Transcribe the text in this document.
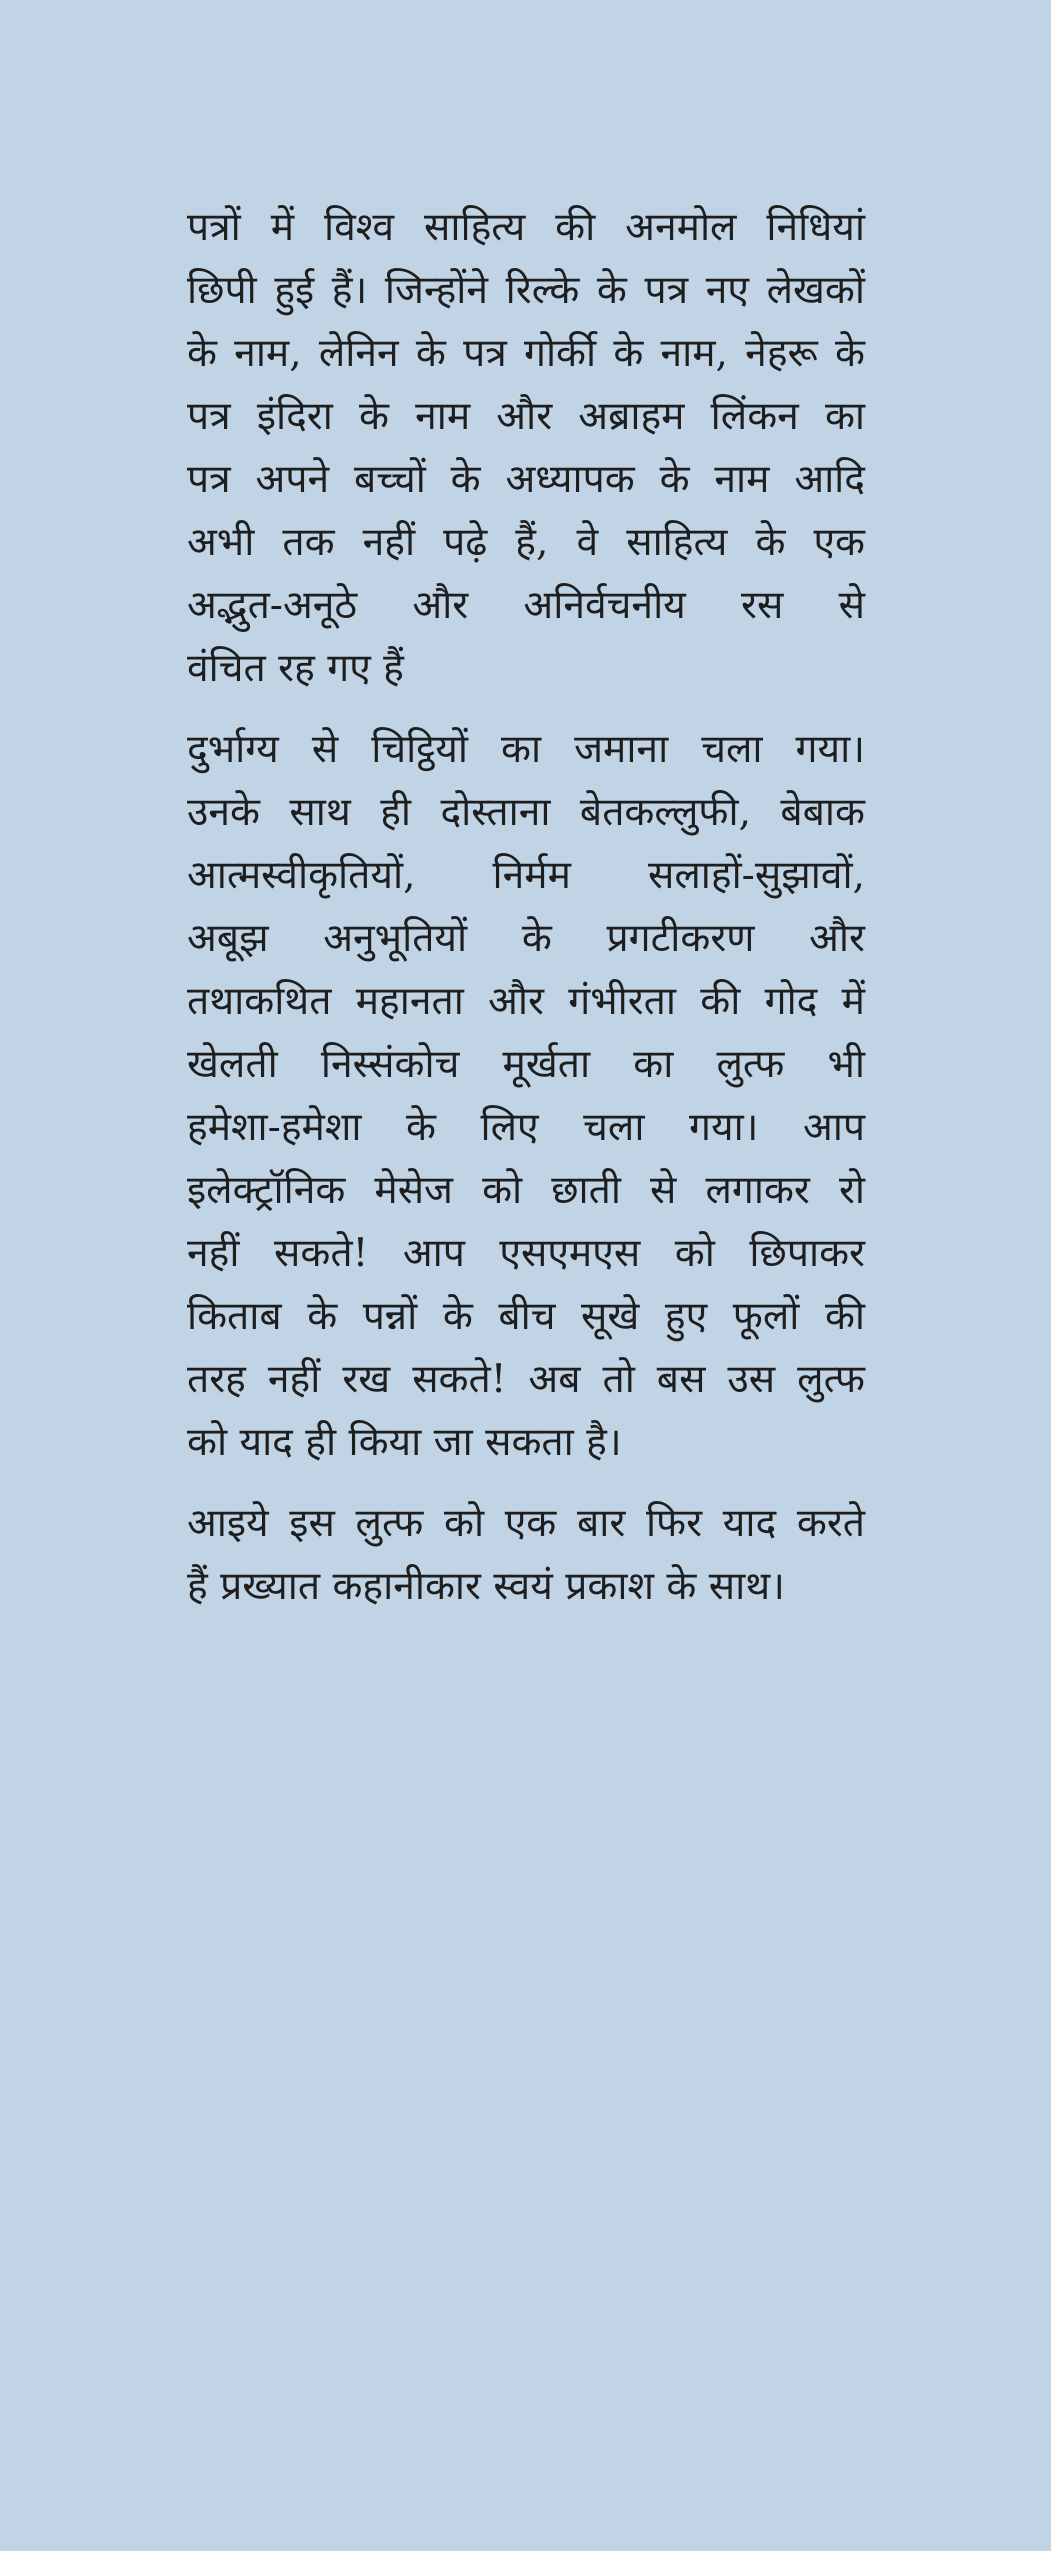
पत्रों में विश्व साहित्य की अनमोल निधियां
छिपी हुई हैं। जिन्होंने रिल्के के पत्र नए लेखकों
के नाम, लेनिन के पत्र गोर्की के नाम, नेहरू के
पत्र इंदिरा के नाम और अब्राहम लिंकन का
पत्र अपने बच्चों के अध्यापक के नाम आदि
अभी तक नहीं पढ़े हैं, वे साहित्य के एक
अद्भुत-अनूठे और अनिर्वचनीय रस से
वंचित रह गए हैं
दुर्भाग्य से चिट्ठियों का जमाना चला गया।
उनके साथ ही दोस्ताना बेतकल्लुफी, बेबाक
आत्मस्वीकृतियों, निर्मम सलाहों-सुझावों,
अबूझ अनुभूतियों के प्रगटीकरण और
तथाकथित महानता और गंभीरता की गोद में
खेलती निस्संकोच मूर्खता का लुत्फ भी
हमेशा-हमेशा के लिए चला गया। आप
इलेक्ट्रॉनिक मेसेज को छाती से लगाकर रो
नहीं सकते! आप एसएमएस को छिपाकर
किताब के पन्नों के बीच सूखे हुए फूलों की
तरह नहीं रख सकते! अब तो बस उस लुत्फ
को याद ही किया जा सकता है।
आइये इस लुत्फ को एक बार फिर याद करते
हैं प्रख्यात कहानीकार स्वयं प्रकाश के साथ।
